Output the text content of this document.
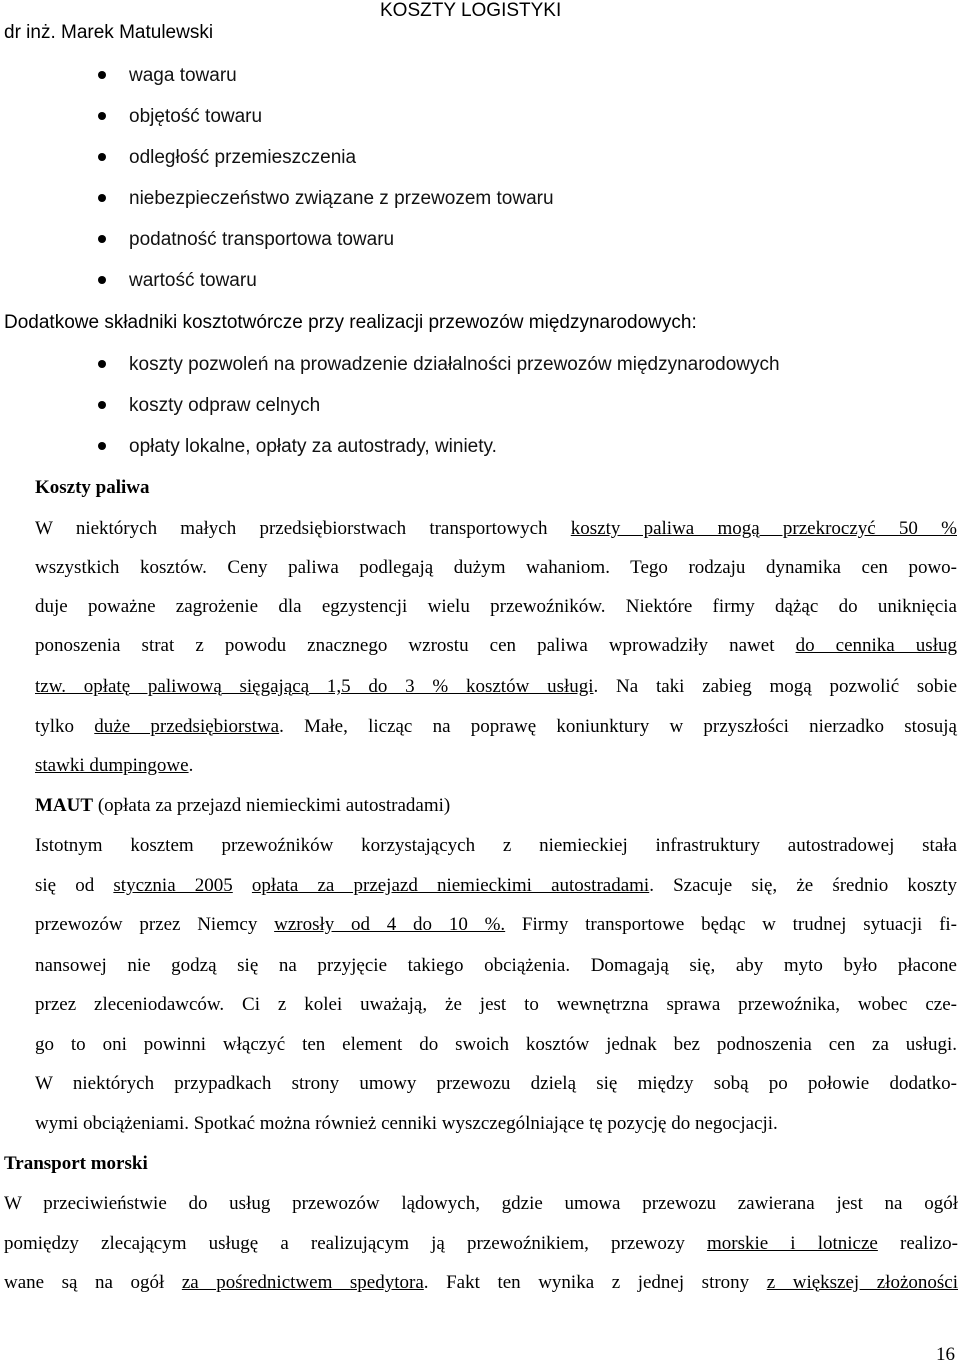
dr inż. Marek Matulewski
KOSZTY LOGISTYKI
waga towaru
objętość towaru
odległość przemieszczenia
niebezpieczeństwo związane z przewozem towaru
podatność transportowa towaru
wartość towaru
Dodatkowe składniki kosztotwórcze przy realizacji przewozów międzynarodowych:
koszty pozwoleń na prowadzenie działalności przewozów międzynarodowych
koszty odpraw celnych
opłaty lokalne, opłaty za autostrady, winiety.
Koszty paliwa
W niektórych małych przedsiębiorstwach transportowych koszty paliwa mogą przekroczyć 50 %
wszystkich kosztów. Ceny paliwa podlegają dużym wahaniom. Tego rodzaju dynamika cen powo-
duje poważne zagrożenie dla egzystencji wielu przewoźników. Niektóre firmy dążąc do uniknięcia
ponoszenia strat z powodu znacznego wzrostu cen paliwa wprowadziły nawet do cennika usług
tzw. opłatę paliwową sięgającą 1,5 do 3 % kosztów usługi. Na taki zabieg mogą pozwolić sobie
tylko duże przedsiębiorstwa. Małe, licząc na poprawę koniunktury w przyszłości nierzadko stosują
stawki dumpingowe.
MAUT (opłata za przejazd niemieckimi autostradami)
Istotnym kosztem przewoźników korzystających z niemieckiej infrastruktury autostradowej stała
się od stycznia 2005 opłata za przejazd niemieckimi autostradami. Szacuje się, że średnio koszty
przewozów przez Niemcy wzrosły od 4 do 10 %. Firmy transportowe będąc w trudnej sytuacji fi-
nansowej nie godzą się na przyjęcie takiego obciążenia. Domagają się, aby myto było płacone
przez zleceniodawców. Ci z kolei uważają, że jest to wewnętrzna sprawa przewoźnika, wobec cze-
go to oni powinni włączyć ten element do swoich kosztów jednak bez podnoszenia cen za usługi.
W niektórych przypadkach strony umowy przewozu dzielą się między sobą po połowie dodatko-
wymi obciążeniami. Spotkać można również cenniki wyszczególniające tę pozycję do negocjacji.
Transport morski
W przeciwieństwie do usług przewozów lądowych, gdzie umowa przewozu zawierana jest na ogół
pomiędzy zlecającym usługę a realizującym ją przewoźnikiem, przewozy morskie i lotnicze realizo-
wane są na ogół za pośrednictwem spedytora. Fakt ten wynika z jednej strony z większej złożoności
16
